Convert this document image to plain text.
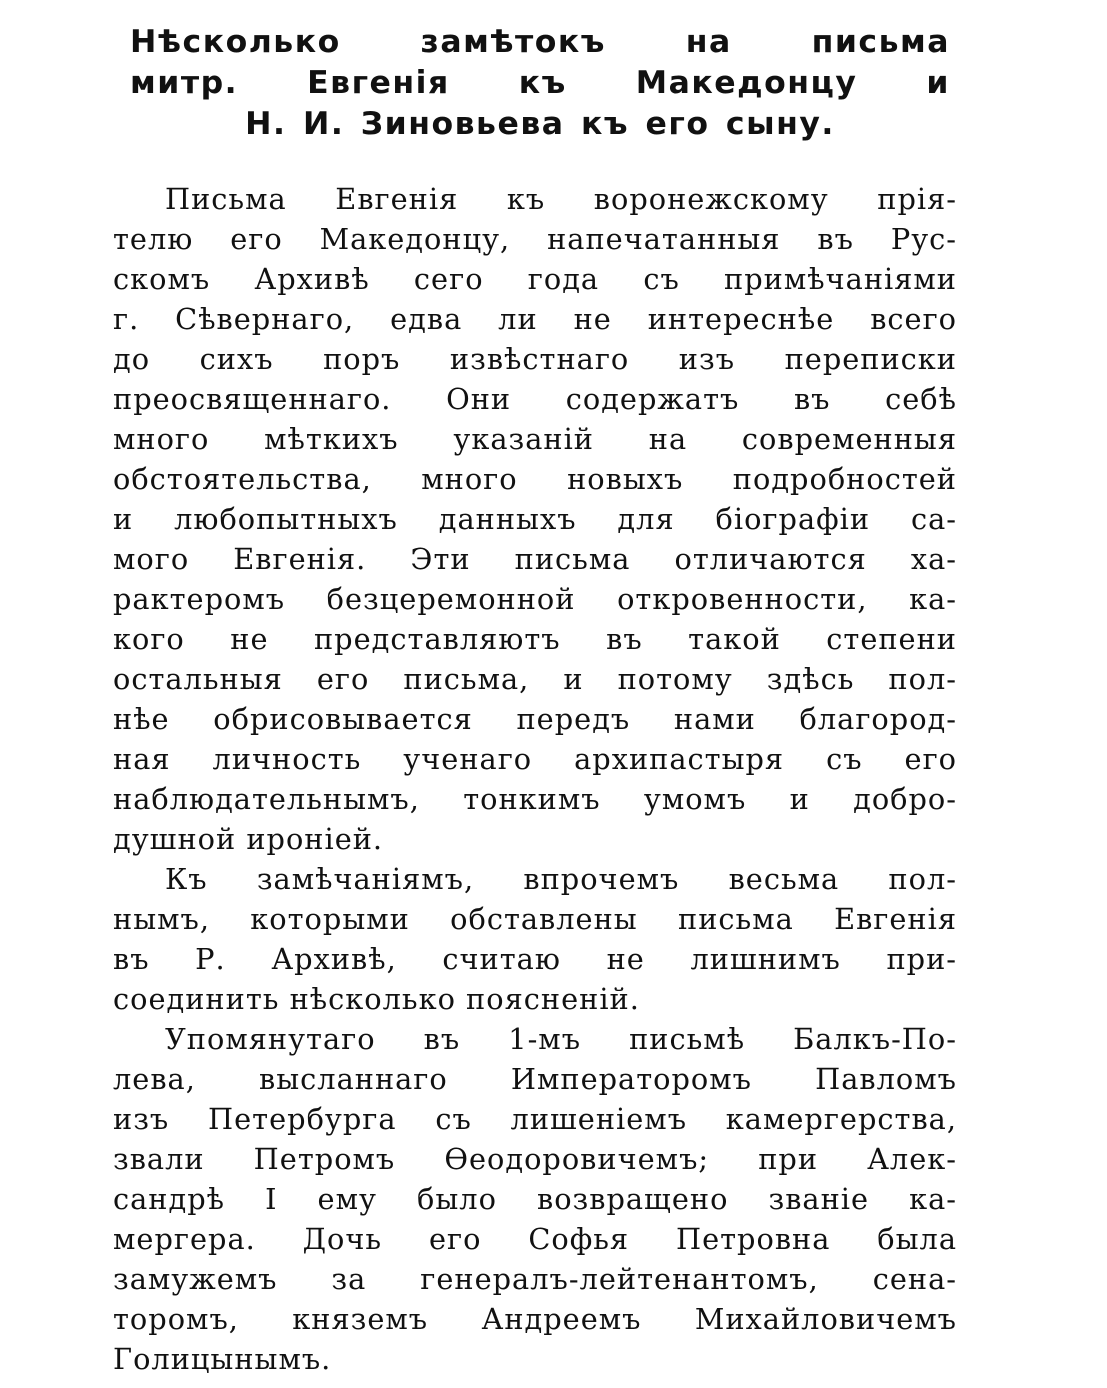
Нѣсколько замѣтокъ на письма
митр. Евгенія къ Македонцу и
Н. И. Зиновьева къ его сыну.
Письма Евгенія къ воронежскому прія-
телю его Македонцу, напечатанныя въ Рус-
скомъ Архивѣ сего года съ примѣчаніями
г. Сѣвернаго, едва ли не интереснѣе всего
до сихъ поръ извѣстнаго изъ переписки
преосвященнаго. Они содержатъ въ себѣ
много мѣткихъ указаній на современныя
обстоятельства, много новыхъ подробностей
и любопытныхъ данныхъ для біографіи са-
мого Евгенія. Эти письма отличаются ха-
рактеромъ безцеремонной откровенности, ка-
кого не представляютъ въ такой степени
остальныя его письма, и потому здѣсь пол-
нѣе обрисовывается передъ нами благород-
ная личность ученаго архипастыря съ его
наблюдательнымъ, тонкимъ умомъ и добро-
душной ироніей.
Къ замѣчаніямъ, впрочемъ весьма пол-
нымъ, которыми обставлены письма Евгенія
въ Р. Архивѣ, считаю не лишнимъ при-
соединить нѣсколько поясненій.
Упомянутаго въ 1-мъ письмѣ Балкъ-По-
лева, высланнаго Императоромъ Павломъ
изъ Петербурга съ лишеніемъ камергерства,
звали Петромъ Ѳеодоровичемъ; при Алек-
сандрѣ I ему было возвращено званіе ка-
мергера. Дочь его Софья Петровна была
замужемъ за генералъ-лейтенантомъ, сена-
торомъ, княземъ Андреемъ Михайловичемъ
Голицынымъ.
